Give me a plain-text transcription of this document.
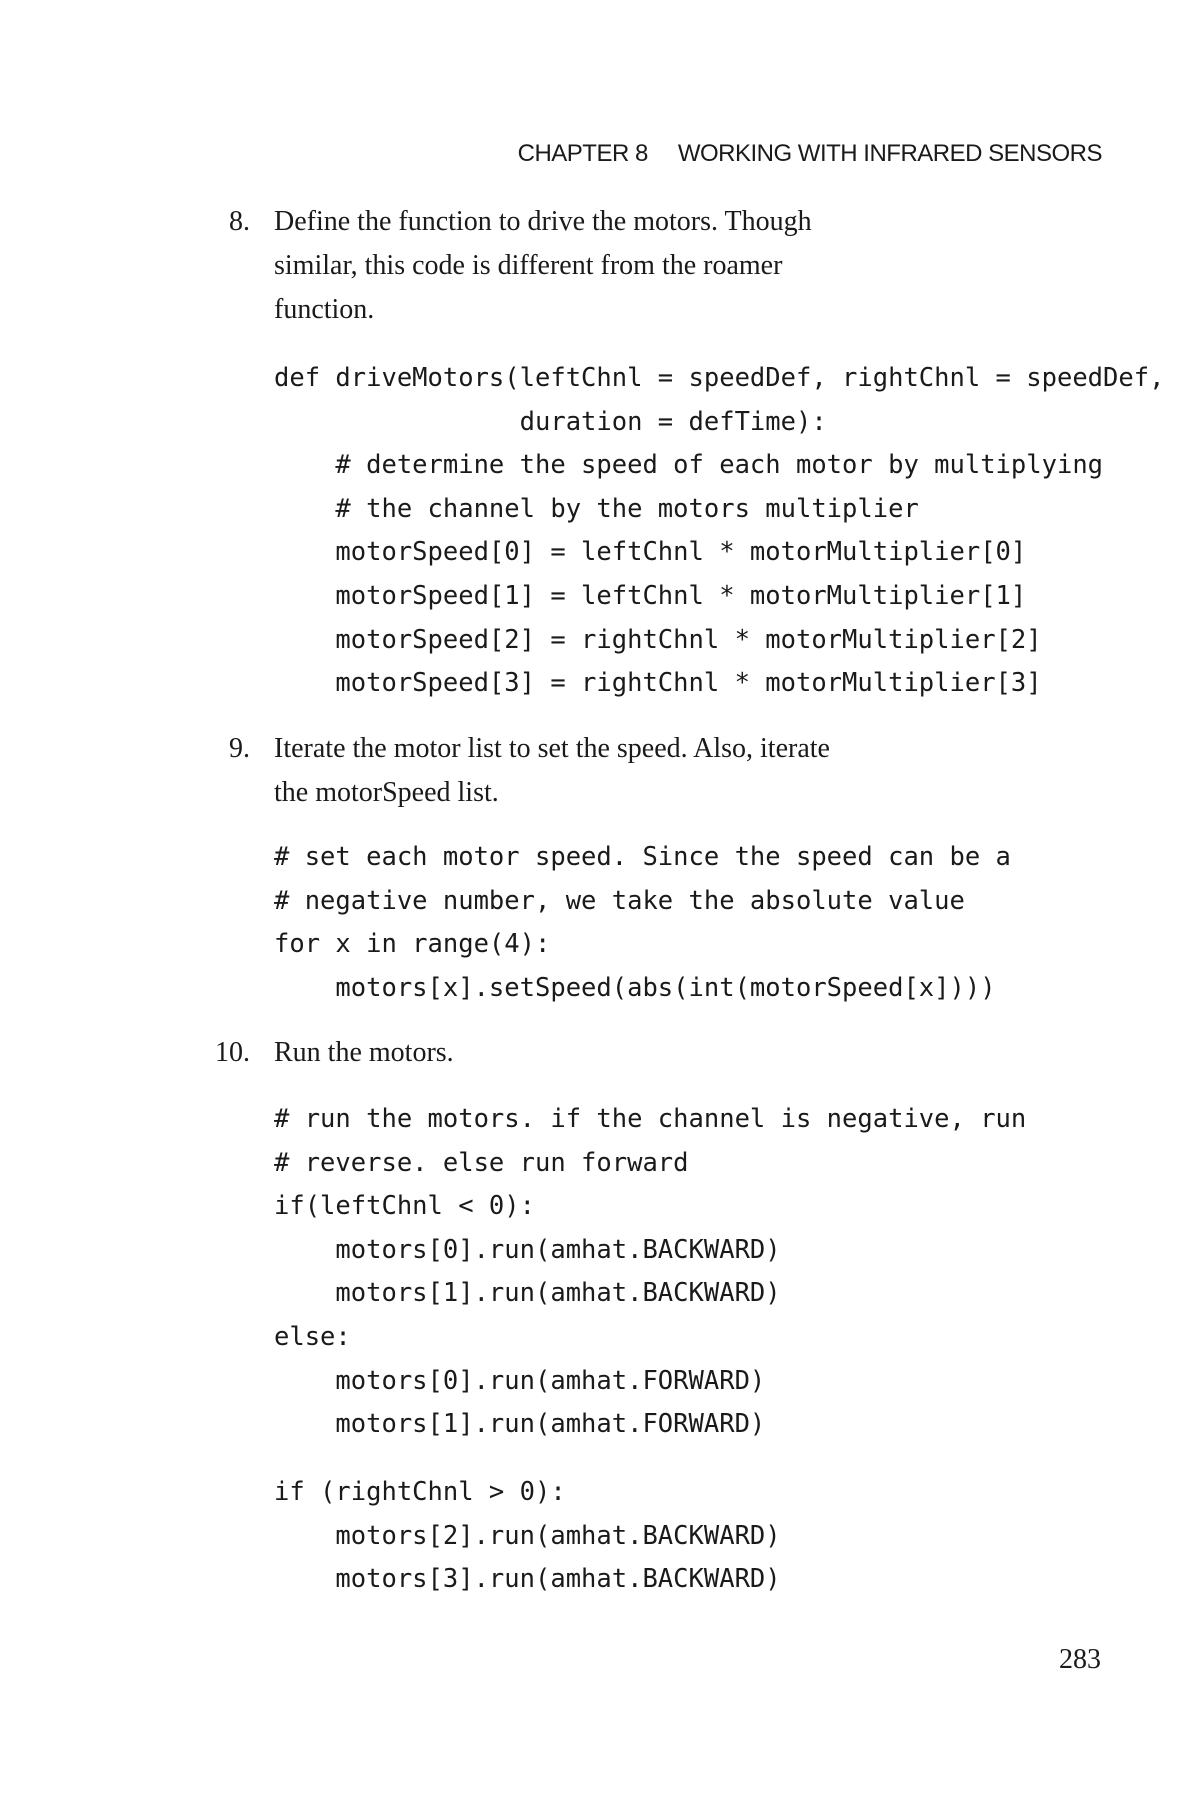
CHAPTER 8 WORKING WITH INFRARED SENSORS
8. Define the function to drive the motors. Though
similar, this code is different from the roamer
function.
def driveMotors(leftChnl = speedDef, rightChnl = speedDef,
duration = defTime):
# determine the speed of each motor by multiplying
# the channel by the motors multiplier
motorSpeed[0] = leftChnl * motorMultiplier[0]
motorSpeed[1] = leftChnl * motorMultiplier[1]
motorSpeed[2] = rightChnl * motorMultiplier[2]
motorSpeed[3] = rightChnl * motorMultiplier[3]
9. Iterate the motor list to set the speed. Also, iterate
the motorSpeed list.
# set each motor speed. Since the speed can be a
# negative number, we take the absolute value
for x in range(4):
motors[x].setSpeed(abs(int(motorSpeed[x])))
10. Run the motors.
# run the motors. if the channel is negative, run
# reverse. else run forward
if(leftChnl < 0):
motors[0].run(amhat.BACKWARD)
motors[1].run(amhat.BACKWARD)
else:
motors[0].run(amhat.FORWARD)
motors[1].run(amhat.FORWARD)
if (rightChnl > 0):
motors[2].run(amhat.BACKWARD)
motors[3].run(amhat.BACKWARD)
283
